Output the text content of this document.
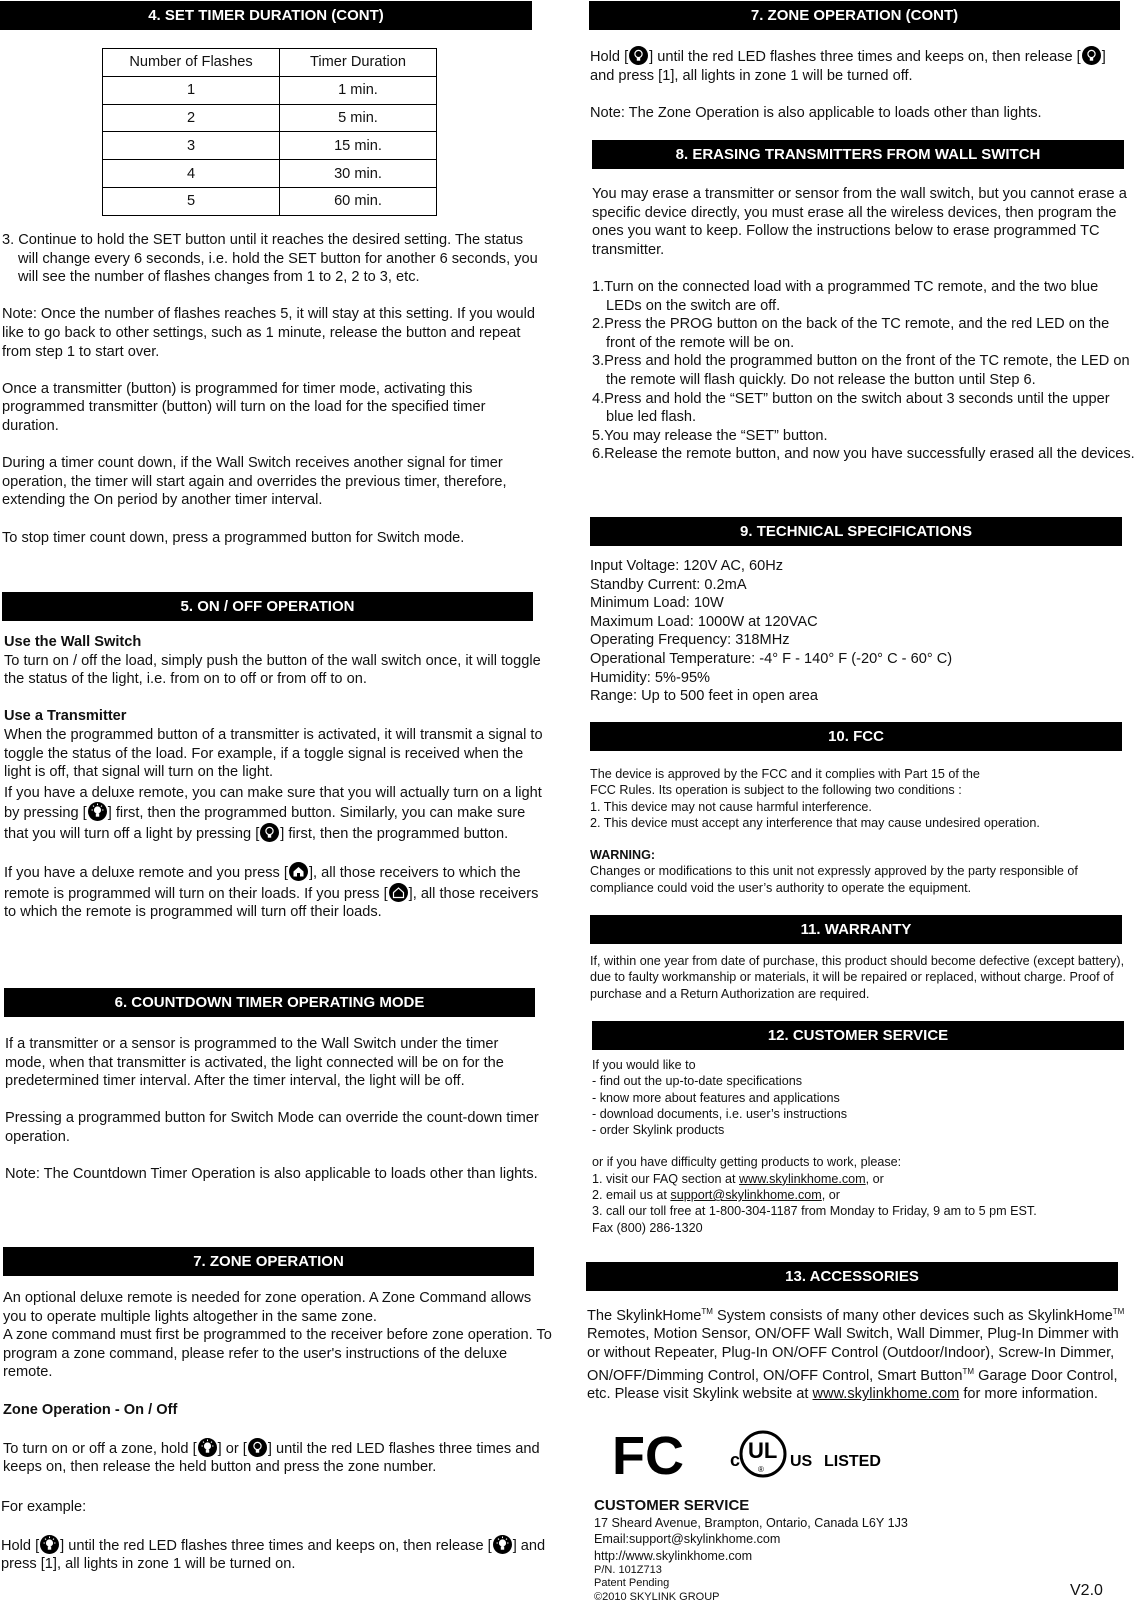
4. SET TIMER DURATION (CONT)
Number of Flashes	Timer Duration
1	1 min.
2	5 min.
3	15 min.
4	30 min.
5	60 min.

3. Continue to hold the SET button until it reaches the desired setting. The status will change every 6 seconds, i.e. hold the SET button for another 6 seconds, you will see the number of flashes changes from 1 to 2, 2 to 3, etc.

Note: Once the number of flashes reaches 5, it will stay at this setting. If you would like to go back to other settings, such as 1 minute, release the button and repeat from step 1 to start over.

Once a transmitter (button) is programmed for timer mode, activating this programmed transmitter (button) will turn on the load for the specified timer duration.

During a timer count down, if the Wall Switch receives another signal for timer operation, the timer will start again and overrides the previous timer, therefore, extending the On period by another timer interval.

To stop timer count down, press a programmed button for Switch mode.

5. ON / OFF OPERATION

Use the Wall Switch

To turn on / off the load, simply push the button of the wall switch once, it will toggle the status of the light, i.e. from on to off or from off to on.

Use a Transmitter

When the programmed button of a transmitter is activated, it will transmit a signal to toggle the status of the load. For example, if a toggle signal is received when the light is off, that signal will turn on the light.

If you have a deluxe remote, you can make sure that you will actually turn on a light by pressing [ ] first, then the programmed button. Similarly, you can make sure that you will turn off a light by pressing [ ] first, then the programmed button.

If you have a deluxe remote and you press [ ], all those receivers to which the remote is programmed will turn on their loads. If you press [ ], all those receivers to which the remote is programmed will turn off their loads.

6. COUNTDOWN TIMER OPERATING MODE

If a transmitter or a sensor is programmed to the Wall Switch under the timer mode, when that transmitter is activated, the light connected will be on for the predetermined timer interval. After the timer interval, the light will be off.

Pressing a programmed button for Switch Mode can override the count-down timer operation.

Note: The Countdown Timer Operation is also applicable to loads other than lights.

7. ZONE OPERATION

An optional deluxe remote is needed for zone operation. A Zone Command allows you to operate multiple lights altogether in the same zone.

A zone command must first be programmed to the receiver before zone operation. To program a zone command, please refer to the user's instructions of the deluxe remote.

Zone Operation - On / Off

To turn on or off a zone, hold [ ] or [ ] until the red LED flashes three times and keeps on, then release the held button and press the zone number.

For example:

Hold [ ] until the red LED flashes three times and keeps on, then release [ ] and press [1], all lights in zone 1 will be turned on.

7. ZONE OPERATION (CONT)

Hold [ ] until the red LED flashes three times and keeps on, then release [ ] and press [1], all lights in zone 1 will be turned off.

Note: The Zone Operation is also applicable to loads other than lights.

8. ERASING TRANSMITTERS FROM WALL SWITCH

You may erase a transmitter or sensor from the wall switch, but you cannot erase a specific device directly, you must erase all the wireless devices, then program the ones you want to keep. Follow the instructions below to erase programmed TC transmitter.

1.Turn on the connected load with a programmed TC remote, and the two blue LEDs on the switch are off.

2.Press the PROG button on the back of the TC remote, and the red LED on the front of the remote will be on.

3.Press and hold the programmed button on the front of the TC remote, the LED on the remote will flash quickly. Do not release the button until Step 6.

4.Press and hold the “SET” button on the switch about 3 seconds until the upper blue led flash.

5.You may release the “SET” button.

6.Release the remote button, and now you have successfully erased all the devices.

9. TECHNICAL SPECIFICATIONS

Input Voltage: 120V AC, 60Hz

Standby Current: 0.2mA

Minimum Load: 10W

Maximum Load: 1000W at 120VAC

Operating Frequency: 318MHz

Operational Temperature: -4° F - 140° F (-20° C - 60° C)

Humidity: 5%-95%

Range: Up to 500 feet in open area

10. FCC

The device is approved by the FCC and it complies with Part 15 of the

FCC Rules. Its operation is subject to the following two conditions :

1. This device may not cause harmful interference.

2. This device must accept any interference that may cause undesired operation.

WARNING:

Changes or modifications to this unit not expressly approved by the party responsible of compliance could void the user’s authority to operate the equipment.

11. WARRANTY

If, within one year from date of purchase, this product should become defective (except battery), due to faulty workmanship or materials, it will be repaired or replaced, without charge. Proof of purchase and a Return Authorization are required.

12. CUSTOMER SERVICE

If you would like to

- find out the up-to-date specifications

- know more about features and applications

- download documents, i.e. user’s instructions

- order Skylink products

or if you have difficulty getting products to work, please:

1. visit our FAQ section at www.skylinkhome.com, or

2. email us at support@skylinkhome.com, or

3. call our toll free at 1-800-304-1187 from Monday to Friday, 9 am to 5 pm EST.

Fax (800) 286-1320

13. ACCESSORIES

The SkylinkHome™ System consists of many other devices such as SkylinkHome™ Remotes, Motion Sensor, ON/OFF Wall Switch, Wall Dimmer, Plug-In Dimmer with or without Repeater, Plug-In ON/OFF Control (Outdoor/Indoor), Screw-In Dimmer, ON/OFF/Dimming Control, ON/OFF Control, Smart Button™ Garage Door Control, etc. Please visit Skylink website at www.skylinkhome.com for more information.

FC	c UL
® US LISTED

CUSTOMER SERVICE

17 Sheard Avenue, Brampton, Ontario, Canada L6Y 1J3

Email:support@skylinkhome.com

http://www.skylinkhome.com

P/N. 101Z713

Patent Pending

©2010 SKYLINK GROUP	V2.0
